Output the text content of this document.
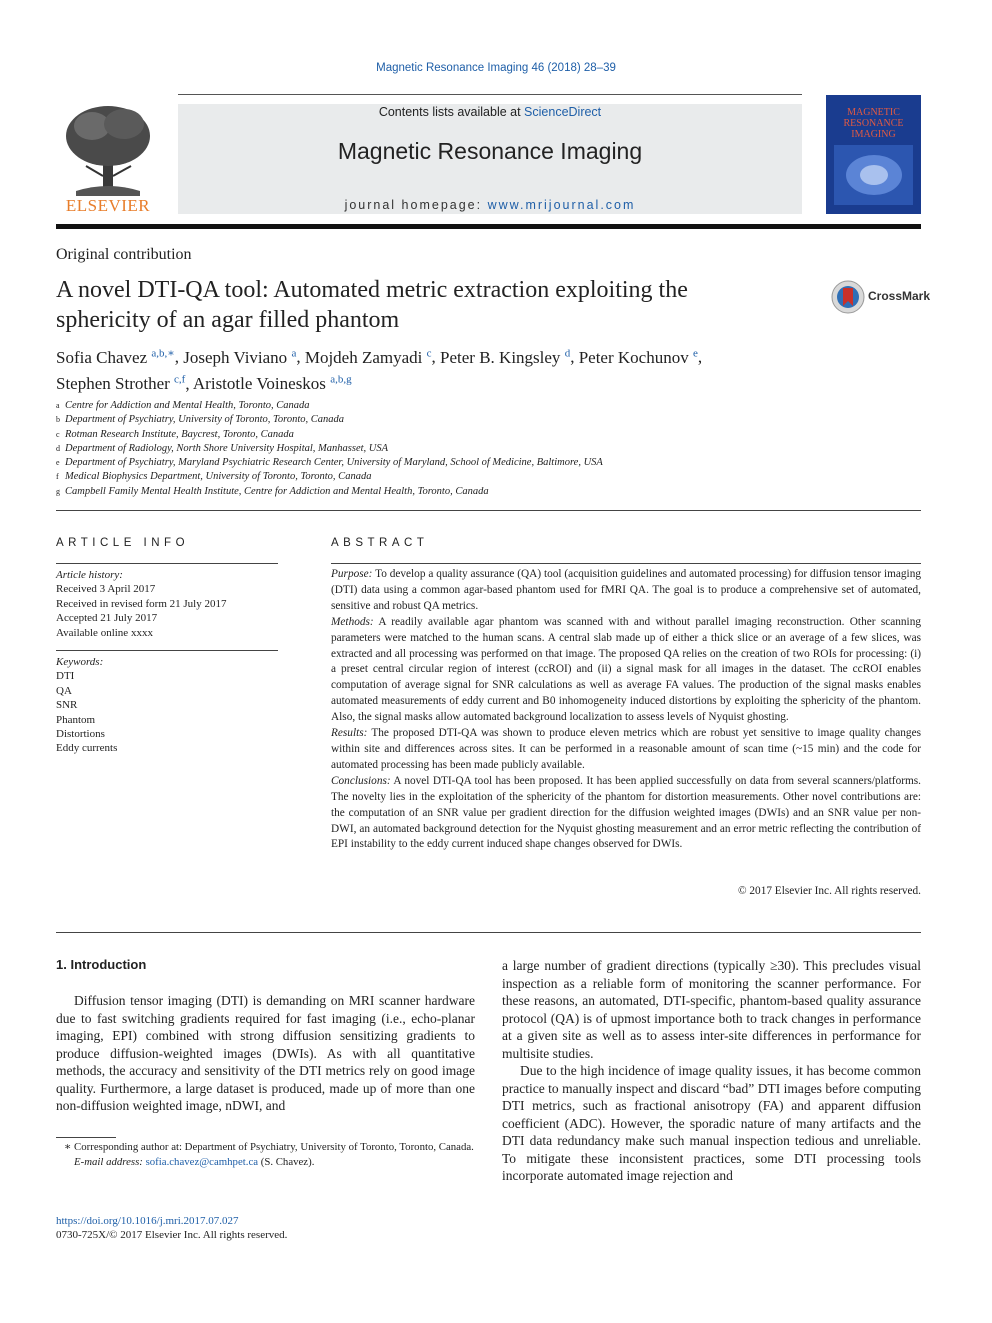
Magnetic Resonance Imaging 46 (2018) 28–39
ELSEVIER
Contents lists available at ScienceDirect
Magnetic Resonance Imaging
journal homepage: www.mrijournal.com
MAGNETIC RESONANCE IMAGING
Original contribution
A novel DTI-QA tool: Automated metric extraction exploiting the sphericity of an agar filled phantom
CrossMark
Sofia Chavez $^{a,b,∗}$, Joseph Viviano $^a$, Mojdeh Zamyadi $^c$, Peter B. Kingsley $^d$, Peter Kochunov $^e$,
Stephen Strother $^{c,f}$, Aristotle Voineskos $^{a,b,g}$
a Centre for Addiction and Mental Health, Toronto, Canada
b Department of Psychiatry, University of Toronto, Toronto, Canada
c Rotman Research Institute, Baycrest, Toronto, Canada
d Department of Radiology, North Shore University Hospital, Manhasset, USA
e Department of Psychiatry, Maryland Psychiatric Research Center, University of Maryland, School of Medicine, Baltimore, USA
f Medical Biophysics Department, University of Toronto, Toronto, Canada
g Campbell Family Mental Health Institute, Centre for Addiction and Mental Health, Toronto, Canada
ARTICLE INFO
Article history:
Received 3 April 2017
Received in revised form 21 July 2017
Accepted 21 July 2017
Available online xxxx
Keywords:
DTI
QA
SNR
Phantom
Distortions
Eddy currents
ABSTRACT

Purpose: To develop a quality assurance (QA) tool (acquisition guidelines and automated processing) for diffusion tensor imaging (DTI) data using a common agar-based phantom used for fMRI QA. The goal is to produce a comprehensive set of automated, sensitive and robust QA metrics.

Methods: A readily available agar phantom was scanned with and without parallel imaging reconstruction. Other scanning parameters were matched to the human scans. A central slab made up of either a thick slice or an average of a few slices, was extracted and all processing was performed on that image. The proposed QA relies on the creation of two ROIs for processing: (i) a preset central circular region of interest (ccROI) and (ii) a signal mask for all images in the dataset. The ccROI enables computation of average signal for SNR calculations as well as average FA values. The production of the signal masks enables automated measurements of eddy current and B0 inhomogeneity induced distortions by exploiting the sphericity of the phantom. Also, the signal masks allow automated background localization to assess levels of Nyquist ghosting.

Results: The proposed DTI-QA was shown to produce eleven metrics which are robust yet sensitive to image quality changes within site and differences across sites. It can be performed in a reasonable amount of scan time (~15 min) and the code for automated processing has been made publicly available.

Conclusions: A novel DTI-QA tool has been proposed. It has been applied successfully on data from several scanners/platforms. The novelty lies in the exploitation of the sphericity of the phantom for distortion measurements. Other novel contributions are: the computation of an SNR value per gradient direction for the diffusion weighted images (DWIs) and an SNR value per non-DWI, an automated background detection for the Nyquist ghosting measurement and an error metric reflecting the contribution of EPI instability to the eddy current induced shape changes observed for DWIs.

© 2017 Elsevier Inc. All rights reserved.
1. Introduction

Diffusion tensor imaging (DTI) is demanding on MRI scanner hardware due to fast switching gradients required for fast imaging (i.e., echo-planar imaging, EPI) combined with strong diffusion sensitizing gradients to produce diffusion-weighted images (DWIs). As with all quantitative methods, the accuracy and sensitivity of the DTI metrics rely on good image quality. Furthermore, a large dataset is produced, made up of more than one non-diffusion weighted image, nDWI, and

a large number of gradient directions (typically ≥30). This precludes visual inspection as a reliable form of monitoring the scanner performance. For these reasons, an automated, DTI-specific, phantom-based quality assurance protocol (QA) is of upmost importance both to track changes in performance at a given site as well as to assess inter-site differences in performance for multisite studies.

Due to the high incidence of image quality issues, it has become common practice to manually inspect and discard “bad” DTI images before computing DTI metrics, such as fractional anisotropy (FA) and apparent diffusion coefficient (ADC). However, the sporadic nature of many artifacts and the DTI data redundancy make such manual inspection tedious and unreliable. To mitigate these inconsistent practices, some DTI processing tools incorporate automated image rejection and

∗ Corresponding author at: Department of Psychiatry, University of Toronto, Toronto, Canada.

E-mail address: sofia.chavez@camhpet.ca (S. Chavez).

https://doi.org/10.1016/j.mri.2017.07.027
0730-725X/© 2017 Elsevier Inc. All rights reserved.
